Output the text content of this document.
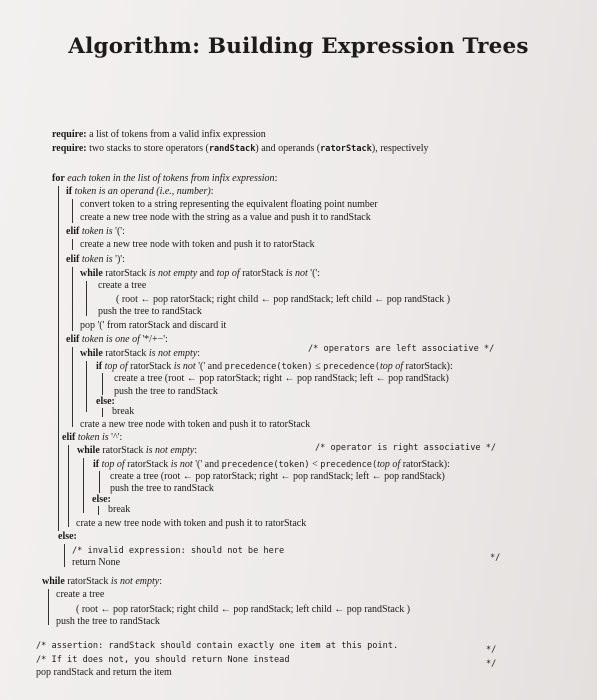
Algorithm: Building Expression Trees
require: a list of tokens from a valid infix expression
require: two stacks to store operators (randStack) and operands (ratorStack), respectively
for each token in the list of tokens from infix expression:
if token is an operand (i.e., number):
convert token to a string representing the equivalent floating point number
create a new tree node with the string as a value and push it to randStack
elif token is '(':
create a new tree node with token and push it to ratorStack
elif token is ')':
while ratorStack is not empty and top of ratorStack is not '(':
create a tree
( root ← pop ratorStack; right child ← pop randStack; left child ← pop randStack )
push the tree to randStack
pop '(' from ratorStack and discard it
elif token is one of '*/+−':
/* operators are left associative */
while ratorStack is not empty:
if top of ratorStack is not '(' and precedence(token) ≤ precedence(top of ratorStack):
create a tree (root ← pop ratorStack; right ← pop randStack; left ← pop randStack)
push the tree to randStack
else:
break
crate a new tree node with token and push it to ratorStack
elif token is '^':
/* operator is right associative */
while ratorStack is not empty:
if top of ratorStack is not '(' and precedence(token) < precedence(top of ratorStack):
create a tree (root ← pop ratorStack; right ← pop randStack; left ← pop randStack)
push the tree to randStack
else:
break
crate a new tree node with token and push it to ratorStack
else:
/* invalid expression: should not be here
*/
return None
while ratorStack is not empty:
create a tree
( root ← pop ratorStack; right child ← pop randStack; left child ← pop randStack )
push the tree to randStack
/* assertion: randStack should contain exactly one item at this point.	*/
/* If it does not, you should return None instead	*/
pop randStack and return the item
